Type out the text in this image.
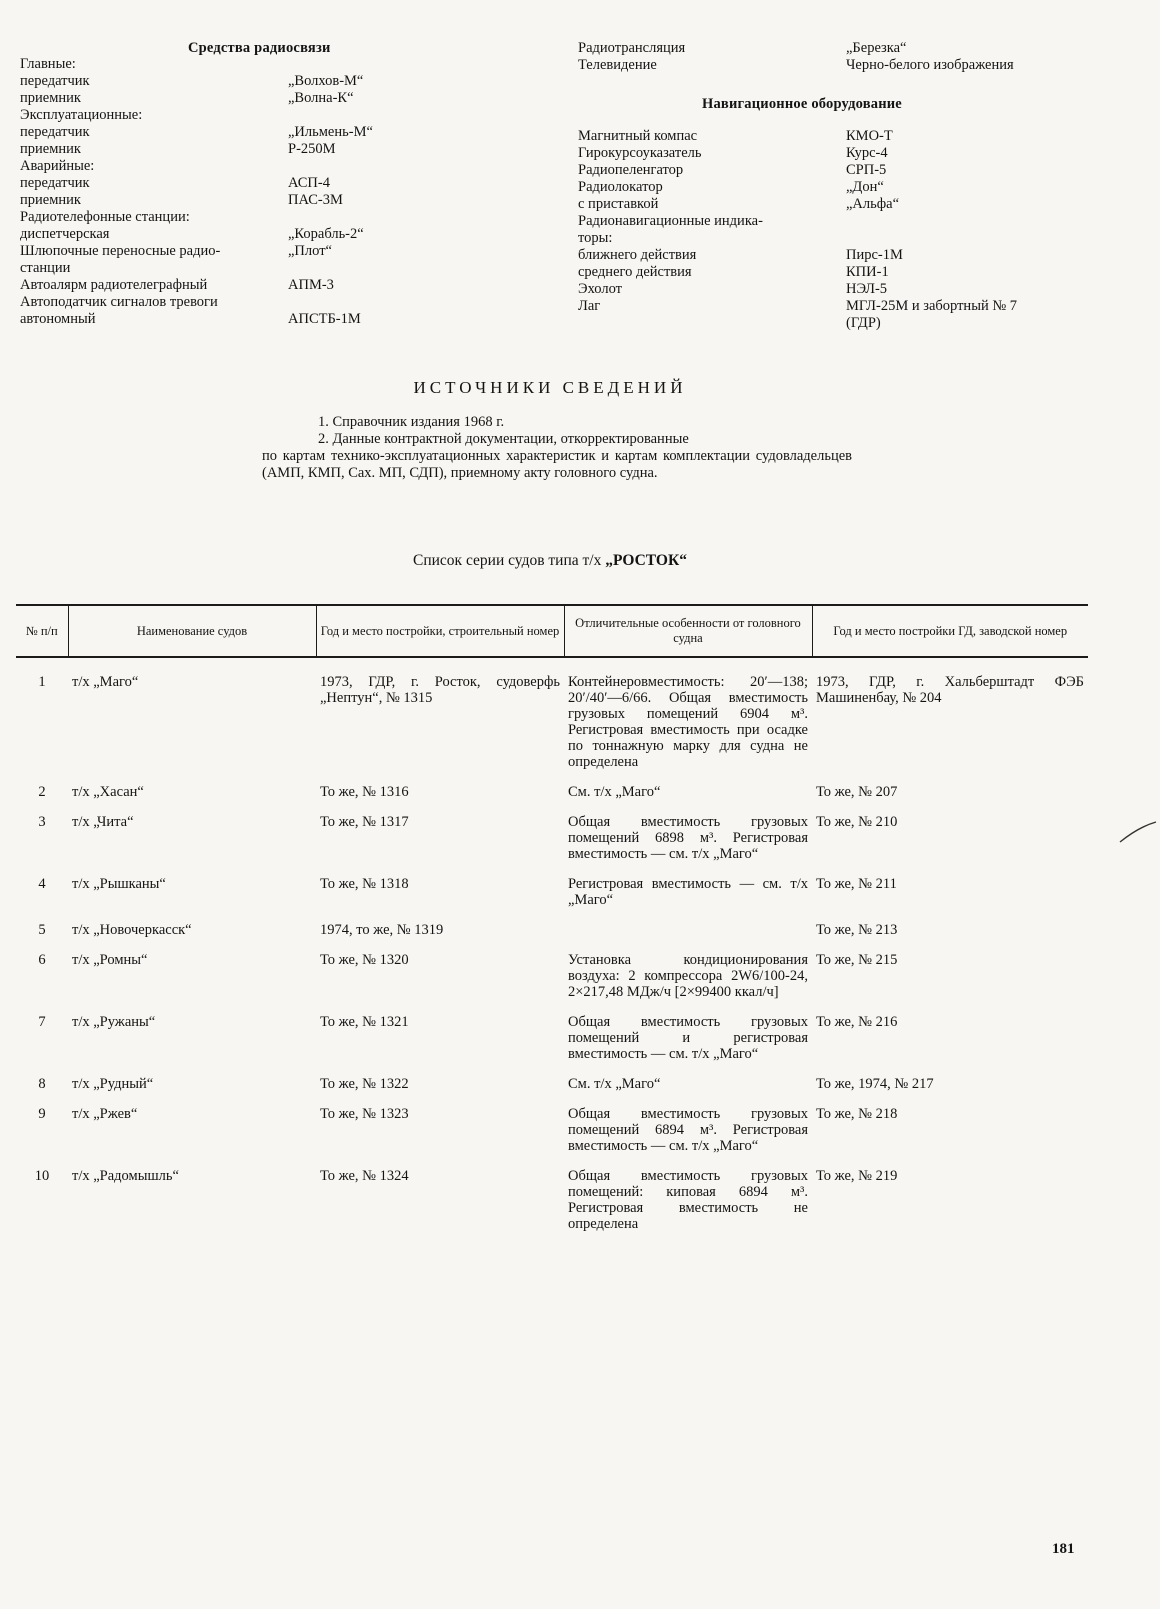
Средства радиосвязи
Главные:
передатчик	„Волхов-М“
приемник	„Волна-К“
Эксплуатационные:
передатчик	„Ильмень-М“
приемник	Р-250М
Аварийные:
передатчик	АСП-4
приемник	ПАС-3М
Радиотелефонные станции:
диспетчерская	„Корабль-2“
Шлюпочные переносные радио-	„Плот“
станции
Автоалярм радиотелеграфный	АПМ-3
Автоподатчик сигналов тревоги
автономный	АПСТБ-1М
Радиотрансляция	„Березка“
Телевидение	Черно-белого изображения
Навигационное оборудование
Магнитный компас	КМО-Т
Гирокурсоуказатель	Курс-4
Радиопеленгатор	СРП-5
Радиолокатор	„Дон“
с приставкой	„Альфа“
Радионавигационные индика-
торы:
ближнего действия	Пирс-1М
среднего действия	КПИ-1
Эхолот	НЭЛ-5
Лаг	МГЛ-25М и забортный № 7
(ГДР)
ИСТОЧНИКИ СВЕДЕНИЙ

1. Справочник издания 1968 г.

2. Данные контрактной документации, откорректированные

по картам технико-эксплуатационных характеристик и картам комплектации судовладельцев (АМП, КМП, Сах. МП, СДП), приемному акту головного судна.

Список серии судов типа т/х „РОСТОК“
№ п/п	Наименование судов	Год и место постройки, строительный номер	Отличительные особенности от головного судна	Год и место постройки ГД, заводской номер
1	т/х „Маго“	1973, ГДР, г. Росток, судоверфь „Нептун“, № 1315	Контейнеровместимость: 20′—138; 20′/40′—6/66. Общая вместимость грузовых помещений 6904 м³. Регистровая вместимость при осадке по тоннажную марку для судна не определена	1973, ГДР, г. Хальберштадт ФЭБ Машиненбау, № 204
2	т/х „Хасан“	То же, № 1316	См. т/х „Маго“	То же, № 207
3	т/х „Чита“	То же, № 1317	Общая вместимость грузовых помещений 6898 м³. Регистровая вместимость — см. т/х „Маго“	То же, № 210
4	т/х „Рышканы“	То же, № 1318	Регистровая вместимость — см. т/х „Маго“	То же, № 211
5	т/х „Новочеркасск“	1974, то же, № 1319		То же, № 213
6	т/х „Ромны“	То же, № 1320	Установка кондиционирования воздуха: 2 компрессора 2W6/100-24, 2×217,48 МДж/ч [2×99400 ккал/ч]	То же, № 215
7	т/х „Ружаны“	То же, № 1321	Общая вместимость грузовых помещений и регистровая вместимость — см. т/х „Маго“	То же, № 216
8	т/х „Рудный“	То же, № 1322	См. т/х „Маго“	То же, 1974, № 217
9	т/х „Ржев“	То же, № 1323	Общая вместимость грузовых помещений 6894 м³. Регистровая вместимость — см. т/х „Маго“	То же, № 218
10	т/х „Радомышль“	То же, № 1324	Общая вместимость грузовых помещений: киповая 6894 м³. Регистровая вместимость не определена	То же, № 219
181
